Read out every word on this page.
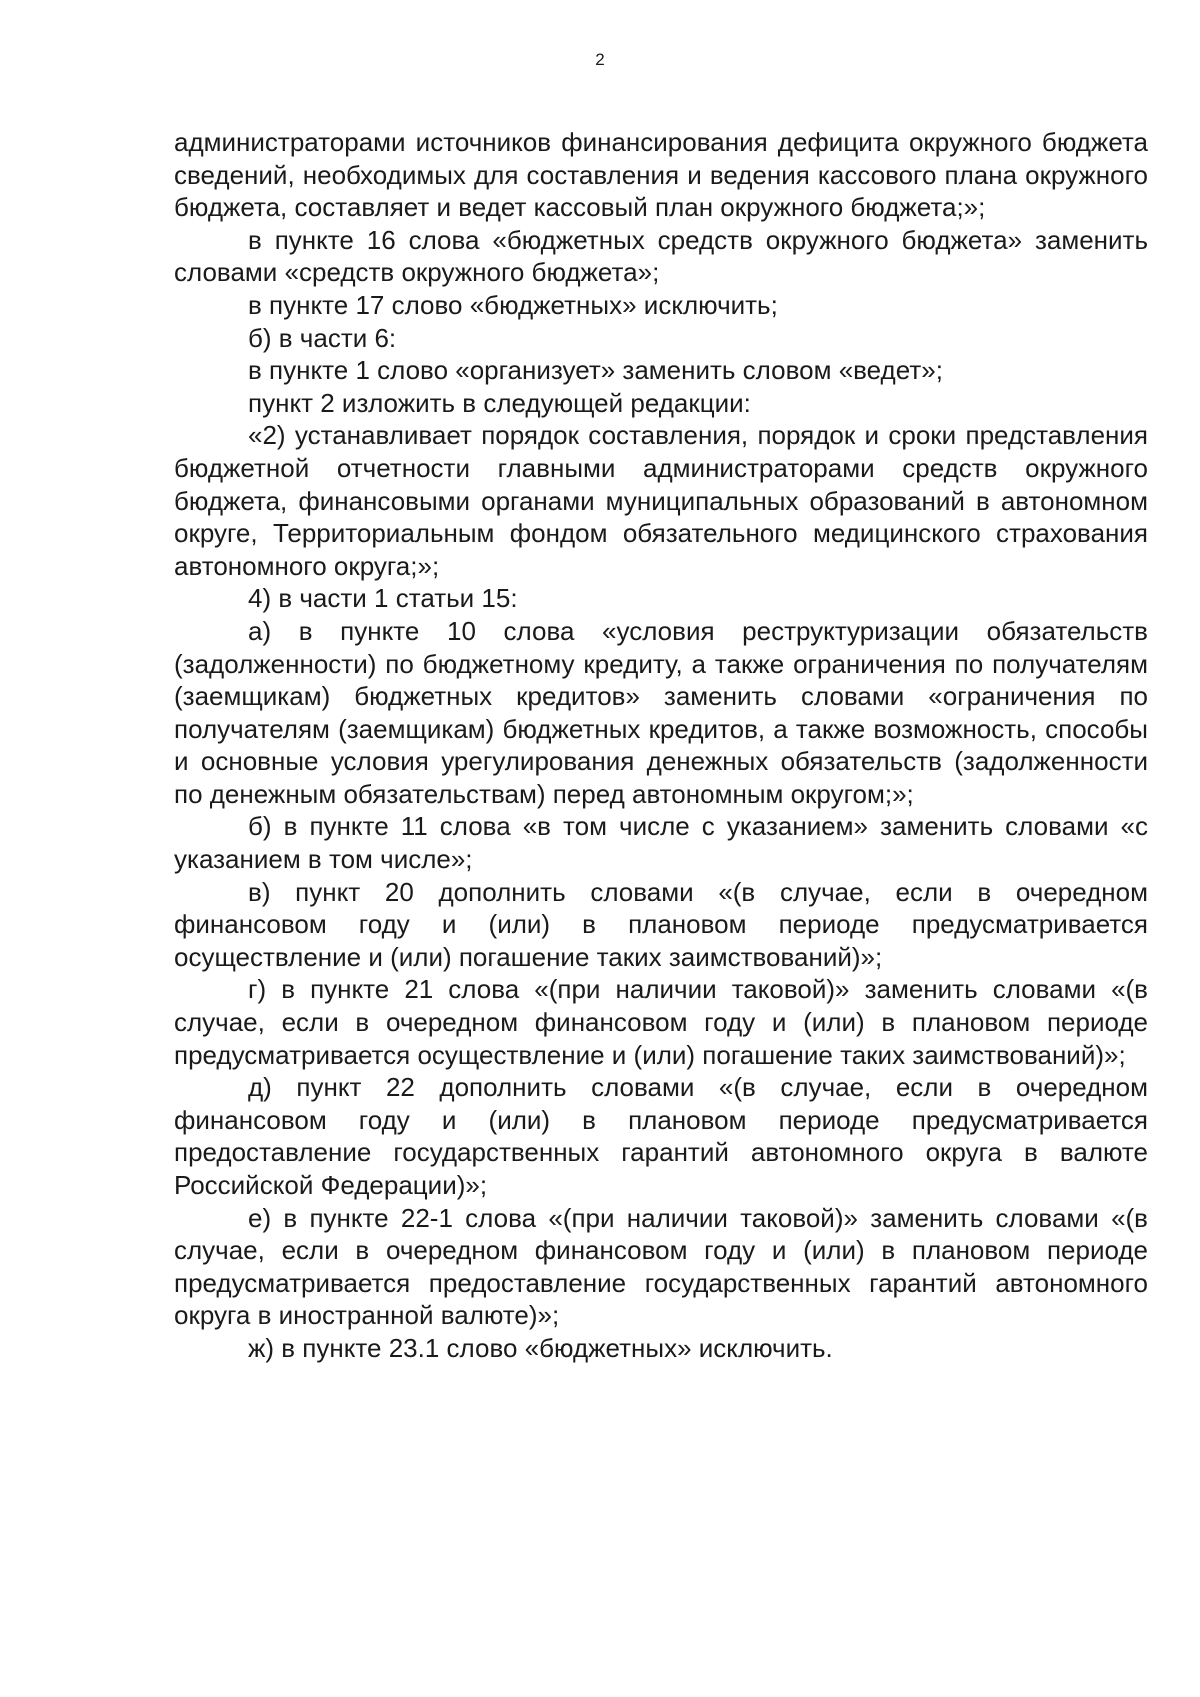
2

администраторами источников финансирования дефицита окружного бюджета сведений, необходимых для составления и ведения кассового плана окружного бюджета, составляет и ведет кассовый план окружного бюджета;»;

в пункте 16 слова «бюджетных средств окружного бюджета» заменить словами «средств окружного бюджета»;

в пункте 17 слово «бюджетных» исключить;

б) в части 6:

в пункте 1 слово «организует» заменить словом «ведет»;

пункт 2 изложить в следующей редакции:

«2) устанавливает порядок составления, порядок и сроки представления бюджетной отчетности главными администраторами средств окружного бюджета, финансовыми органами муниципальных образований в автономном округе, Территориальным фондом обязательного медицинского страхования автономного округа;»;

4) в части 1 статьи 15:

а) в пункте 10 слова «условия реструктуризации обязательств (задолженности) по бюджетному кредиту, а также ограничения по получателям (заемщикам) бюджетных кредитов» заменить словами «ограничения по получателям (заемщикам) бюджетных кредитов, а также возможность, способы и основные условия урегулирования денежных обязательств (задолженности по денежным обязательствам) перед автономным округом;»;

б) в пункте 11 слова «в том числе с указанием» заменить словами «с указанием в том числе»;

в) пункт 20 дополнить словами «(в случае, если в очередном финансовом году и (или) в плановом периоде предусматривается осуществление и (или) погашение таких заимствований)»;

г) в пункте 21 слова «(при наличии таковой)» заменить словами «(в случае, если в очередном финансовом году и (или) в плановом периоде предусматривается осуществление и (или) погашение таких заимствований)»;

д) пункт 22 дополнить словами «(в случае, если в очередном финансовом году и (или) в плановом периоде предусматривается предоставление государственных гарантий автономного округа в валюте Российской Федерации)»;

е) в пункте 22-1 слова «(при наличии таковой)» заменить словами «(в случае, если в очередном финансовом году и (или) в плановом периоде предусматривается предоставление государственных гарантий автономного округа в иностранной валюте)»;

ж) в пункте 23.1 слово «бюджетных» исключить.
